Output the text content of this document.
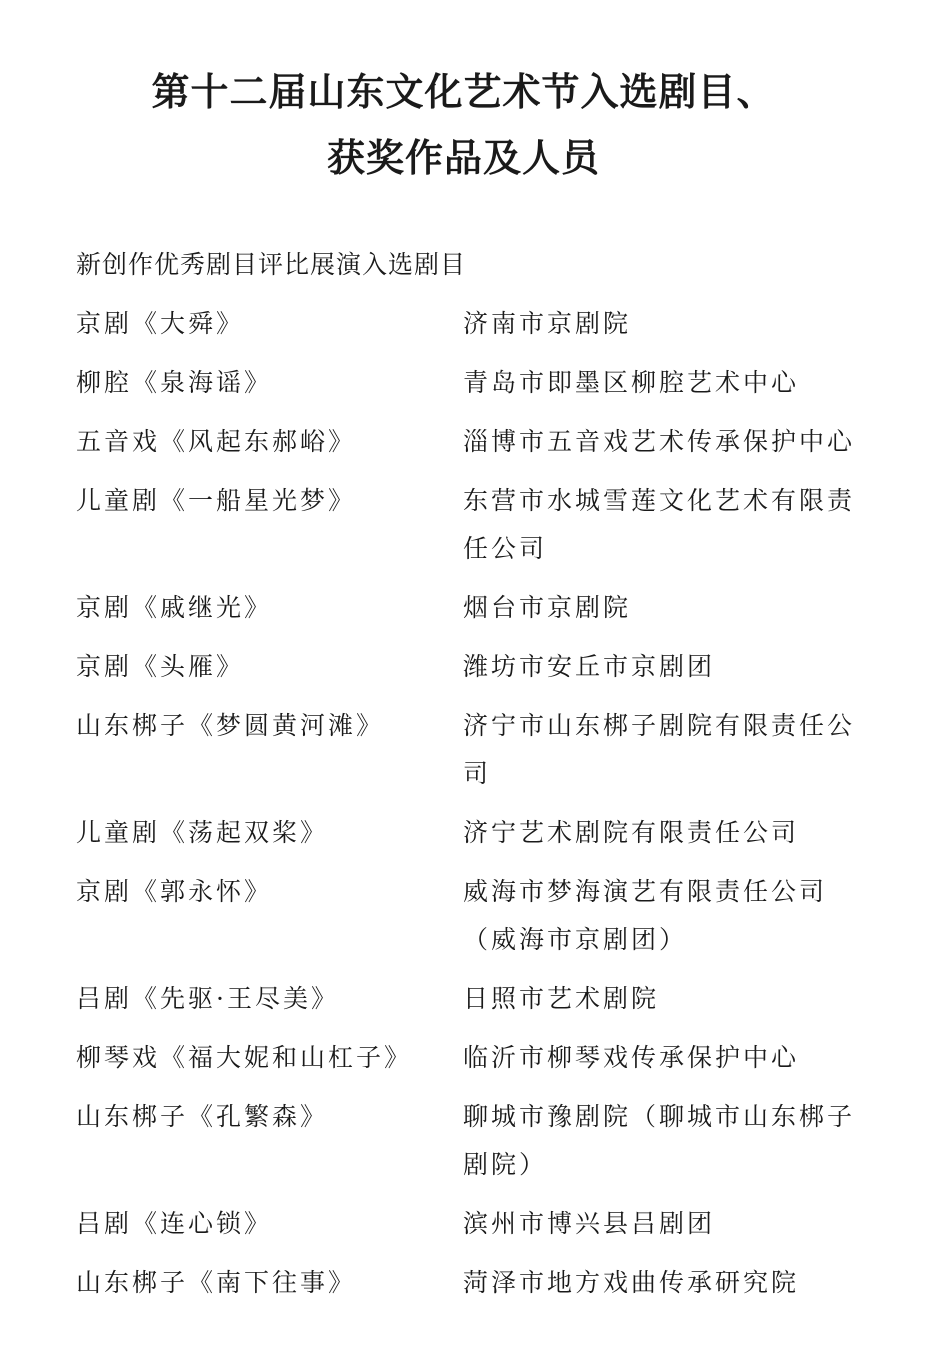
第十二届山东文化艺术节入选剧目、
获奖作品及人员
新创作优秀剧目评比展演入选剧目
京剧《大舜》	济南市京剧院
柳腔《泉海谣》	青岛市即墨区柳腔艺术中心
五音戏《风起东郝峪》	淄博市五音戏艺术传承保护中心
儿童剧《一船星光梦》	东营市水城雪莲文化艺术有限责任公司
京剧《戚继光》	烟台市京剧院
京剧《头雁》	潍坊市安丘市京剧团
山东梆子《梦圆黄河滩》	济宁市山东梆子剧院有限责任公司
儿童剧《荡起双桨》	济宁艺术剧院有限责任公司
京剧《郭永怀》	威海市梦海演艺有限责任公司（威海市京剧团）
吕剧《先驱·王尽美》	日照市艺术剧院
柳琴戏《福大妮和山杠子》	临沂市柳琴戏传承保护中心
山东梆子《孔繁森》	聊城市豫剧院（聊城市山东梆子剧院）
吕剧《连心锁》	滨州市博兴县吕剧团
山东梆子《南下往事》	菏泽市地方戏曲传承研究院
